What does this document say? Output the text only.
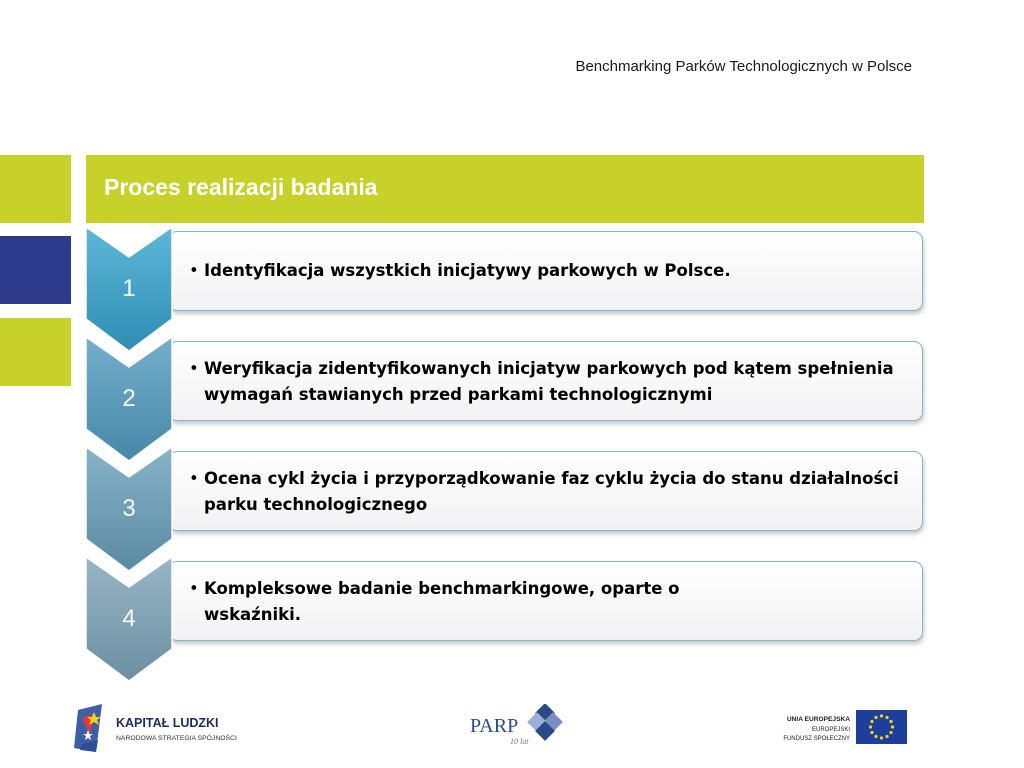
Benchmarking Parków Technologicznych w Polsce
Proces realizacji badania
• Identyfikacja wszystkich inicjatywy parkowych w Polsce.
• Weryfikacja zidentyfikowanych inicjatyw parkowych pod kątem spełnienia wymagań stawianych przed parkami technologicznymi
• Ocena cykl życia i przyporządkowanie faz cyklu życia do stanu działalności parku technologicznego
• Kompleksowe badanie benchmarkingowe, oparte o wskaźniki.
1
2
3
4
KAPITAŁ LUDZKI
NARODOWA STRATEGIA SPÓJNOŚCI
PARP
10 lat
UNIA EUROPEJSKA
EUROPEJSKI
FUNDUSZ SPOŁECZNY
